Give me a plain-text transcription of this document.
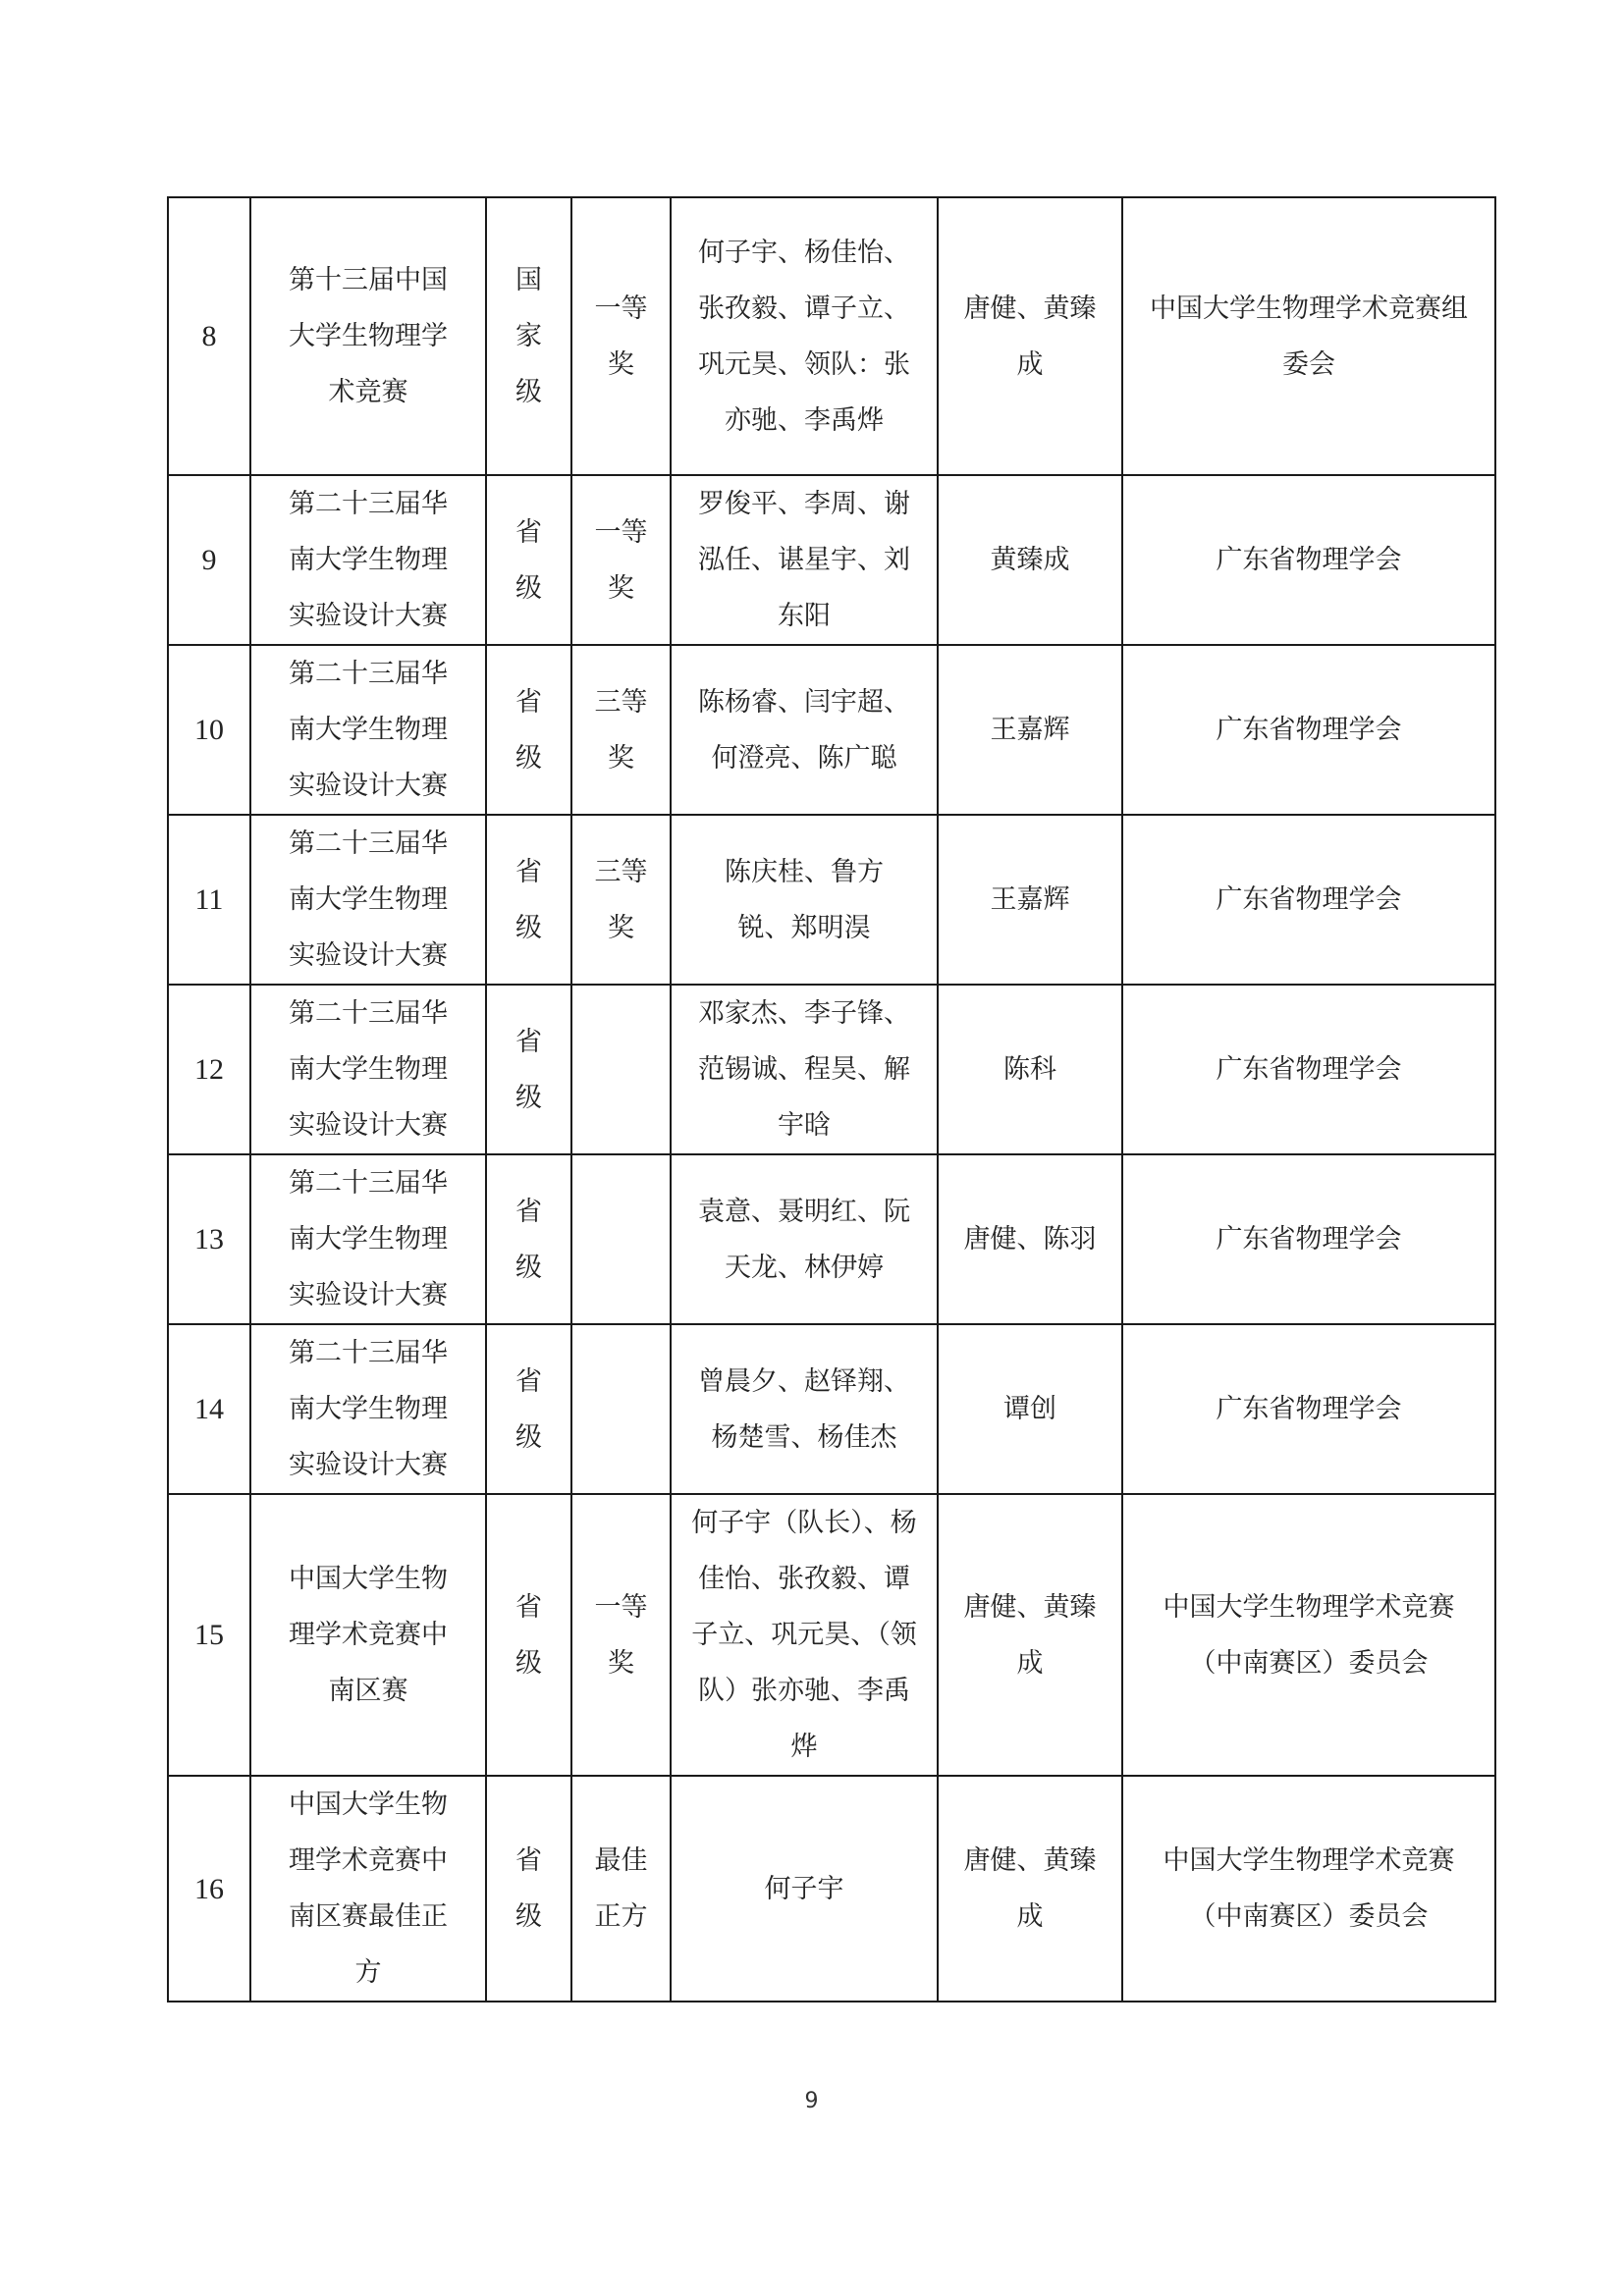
8	第十三届中国大学生物理学术竞赛	国家级	一等奖	何子宇、杨佳怡、张孜毅、谭子立、巩元昊、领队：张亦驰、李禹烨	唐健、黄臻成	中国大学生物理学术竞赛组委会
9	第二十三届华南大学生物理实验设计大赛	省级	一等奖	罗俊平、李周、谢泓任、谌星宇、刘东阳	黄臻成	广东省物理学会
10	第二十三届华南大学生物理实验设计大赛	省级	三等奖	陈杨睿、闫宇超、何澄亮、陈广聪	王嘉辉	广东省物理学会
11	第二十三届华南大学生物理实验设计大赛	省级	三等奖	陈庆桂、鲁方锐、郑明淏	王嘉辉	广东省物理学会
12	第二十三届华南大学生物理实验设计大赛	省级		邓家杰、李子锋、范锡诚、程昊、解宇晗	陈科	广东省物理学会
13	第二十三届华南大学生物理实验设计大赛	省级		袁意、聂明红、阮天龙、林伊婷	唐健、陈羽	广东省物理学会
14	第二十三届华南大学生物理实验设计大赛	省级		曾晨夕、赵铎翔、杨楚雪、杨佳杰	谭创	广东省物理学会
15	中国大学生物理学术竞赛中南区赛	省级	一等奖	何子宇（队长）、杨佳怡、张孜毅、谭子立、巩元昊、（领队）张亦驰、李禹烨	唐健、黄臻成	中国大学生物理学术竞赛（中南赛区）委员会
16	中国大学生物理学术竞赛中南区赛最佳正方	省级	最佳正方	何子宇	唐健、黄臻成	中国大学生物理学术竞赛（中南赛区）委员会
9
